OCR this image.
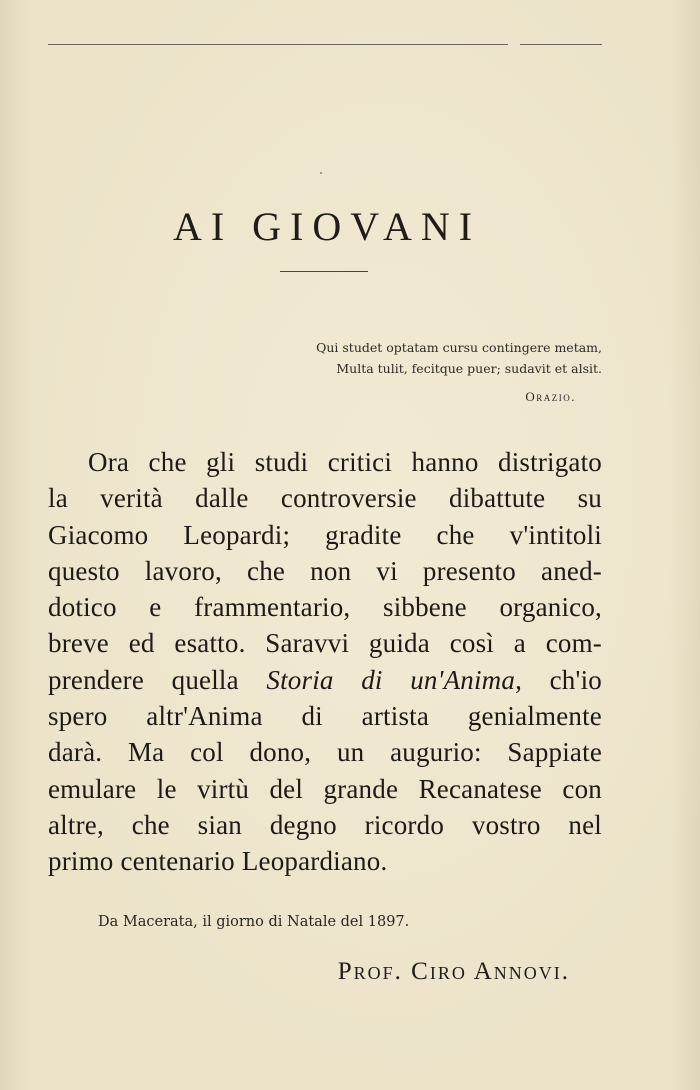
AI GIOVANI
Qui studet optatam cursu contingere metam,
Multa tulit, fecitque puer; sudavit et alsit.
Orazio.
Ora che gli studi critici hanno distrigato
la verità dalle controversie dibattute su
Giacomo Leopardi; gradite che v'intitoli
questo lavoro, che non vi presento aned-
dotico e frammentario, sibbene organico,
breve ed esatto. Saravvi guida così a com-
prendere quella Storia di un'Anima, ch'io
spero altr'Anima di artista genialmente
darà. Ma col dono, un augurio: Sappiate
emulare le virtù del grande Recanatese con
altre, che sian degno ricordo vostro nel
primo centenario Leopardiano.
Da Macerata, il giorno di Natale del 1897.
Prof. Ciro Annovi.
